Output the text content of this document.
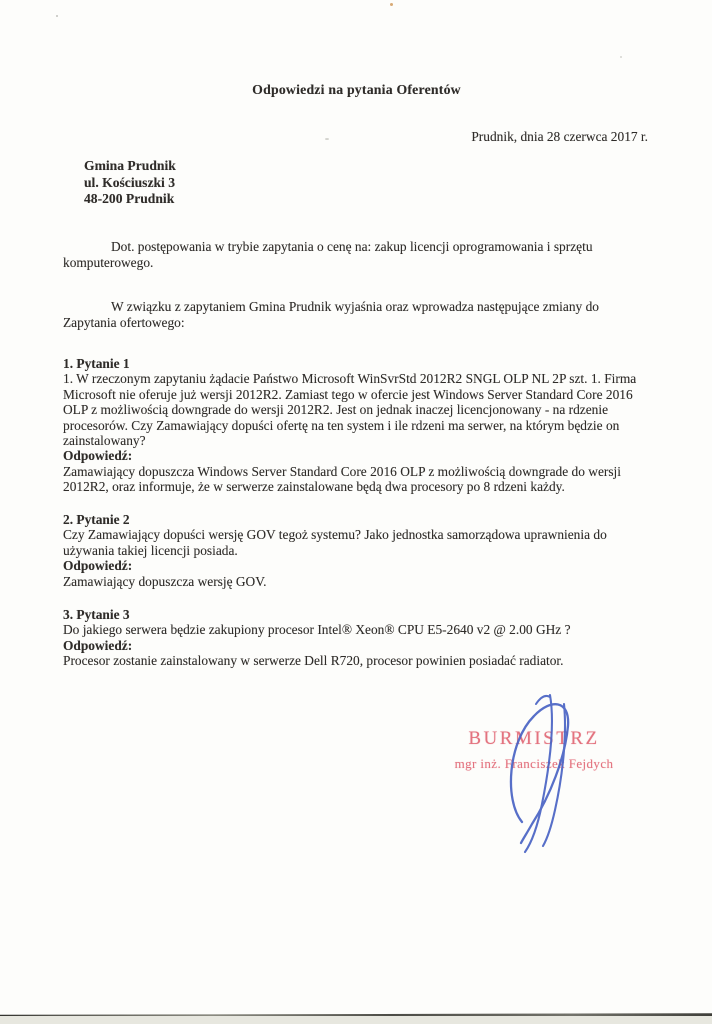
Odpowiedzi na pytania Oferentów
Prudnik, dnia 28 czerwca 2017 r.
Gmina Prudnik
ul. Kościuszki 3
48-200 Prudnik
Dot. postępowania w trybie zapytania o cenę na: zakup licencji oprogramowania i sprzętu komputerowego.
W związku z zapytaniem Gmina Prudnik wyjaśnia oraz wprowadza następujące zmiany do Zapytania ofertowego:
1. Pytanie 1
1. W rzeczonym zapytaniu żądacie Państwo Microsoft WinSvrStd 2012R2 SNGL OLP NL 2P szt. 1. Firma Microsoft nie oferuje już wersji 2012R2. Zamiast tego w ofercie jest Windows Server Standard Core 2016 OLP z możliwością downgrade do wersji 2012R2. Jest on jednak inaczej licencjonowany - na rdzenie procesorów. Czy Zamawiający dopuści ofertę na ten system i ile rdzeni ma serwer, na którym będzie on zainstalowany?
Odpowiedź:
Zamawiający dopuszcza Windows Server Standard Core 2016 OLP z możliwością downgrade do wersji 2012R2, oraz informuje, że w serwerze zainstalowane będą dwa procesory po 8 rdzeni każdy.
2. Pytanie 2
Czy Zamawiający dopuści wersję GOV tegoż systemu? Jako jednostka samorządowa uprawnienia do używania takiej licencji posiada.
Odpowiedź:
Zamawiający dopuszcza wersję GOV.
3. Pytanie 3
Do jakiego serwera będzie zakupiony procesor Intel® Xeon® CPU E5-2640 v2 @ 2.00 GHz ?
Odpowiedź:
Procesor zostanie zainstalowany w serwerze Dell R720, procesor powinien posiadać radiator.
BURMISTRZ
mgr inż. Franciszek Fejdych
